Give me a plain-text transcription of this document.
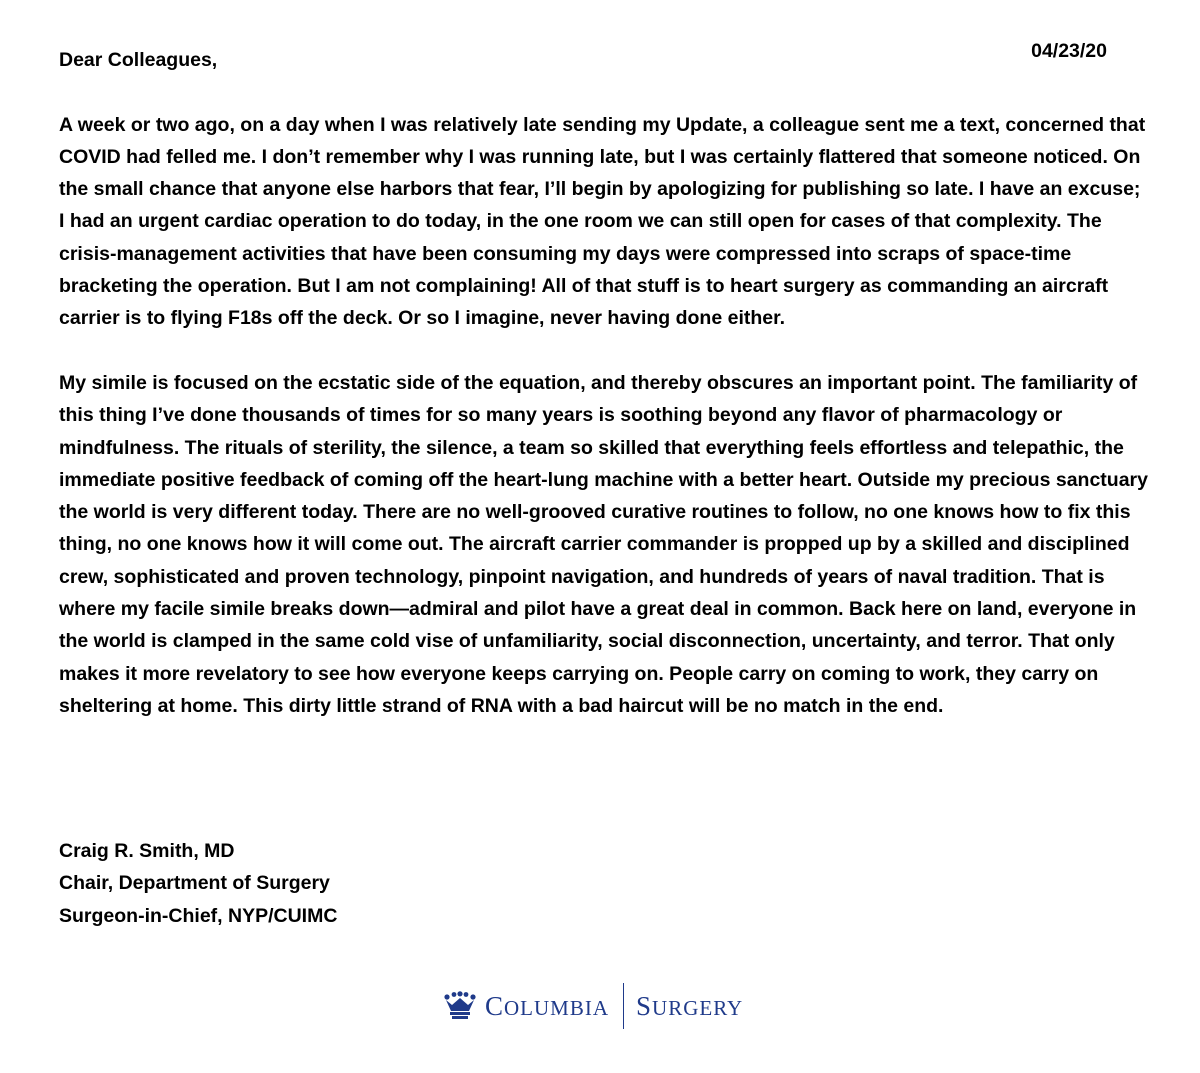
04/23/20

Dear Colleagues,

A week or two ago, on a day when I was relatively late sending my Update, a colleague sent me a text, concerned that COVID had felled me. I don’t remember why I was running late, but I was certainly flattered that someone noticed. On the small chance that anyone else harbors that fear, I’ll begin by apologizing for publishing so late. I have an excuse; I had an urgent cardiac operation to do today, in the one room we can still open for cases of that complexity. The crisis-management activities that have been consuming my days were compressed into scraps of space-time bracketing the operation. But I am not complaining! All of that stuff is to heart surgery as commanding an aircraft carrier is to flying F18s off the deck. Or so I imagine, never having done either.

My simile is focused on the ecstatic side of the equation, and thereby obscures an important point. The familiarity of this thing I’ve done thousands of times for so many years is soothing beyond any flavor of pharmacology or mindfulness. The rituals of sterility, the silence, a team so skilled that everything feels effortless and telepathic, the immediate positive feedback of coming off the heart-lung machine with a better heart. Outside my precious sanctuary the world is very different today. There are no well-grooved curative routines to follow, no one knows how to fix this thing, no one knows how it will come out. The aircraft carrier commander is propped up by a skilled and disciplined crew, sophisticated and proven technology, pinpoint navigation, and hundreds of years of naval tradition. That is where my facile simile breaks down—admiral and pilot have a great deal in common. Back here on land, everyone in the world is clamped in the same cold vise of unfamiliarity, social disconnection, uncertainty, and terror. That only makes it more revelatory to see how everyone keeps carrying on. People carry on coming to work, they carry on sheltering at home. This dirty little strand of RNA with a bad haircut will be no match in the end.

Craig R. Smith, MD
Chair, Department of Surgery
Surgeon-in-Chief, NYP/CUIMC
COLUMBIA SURGERY
